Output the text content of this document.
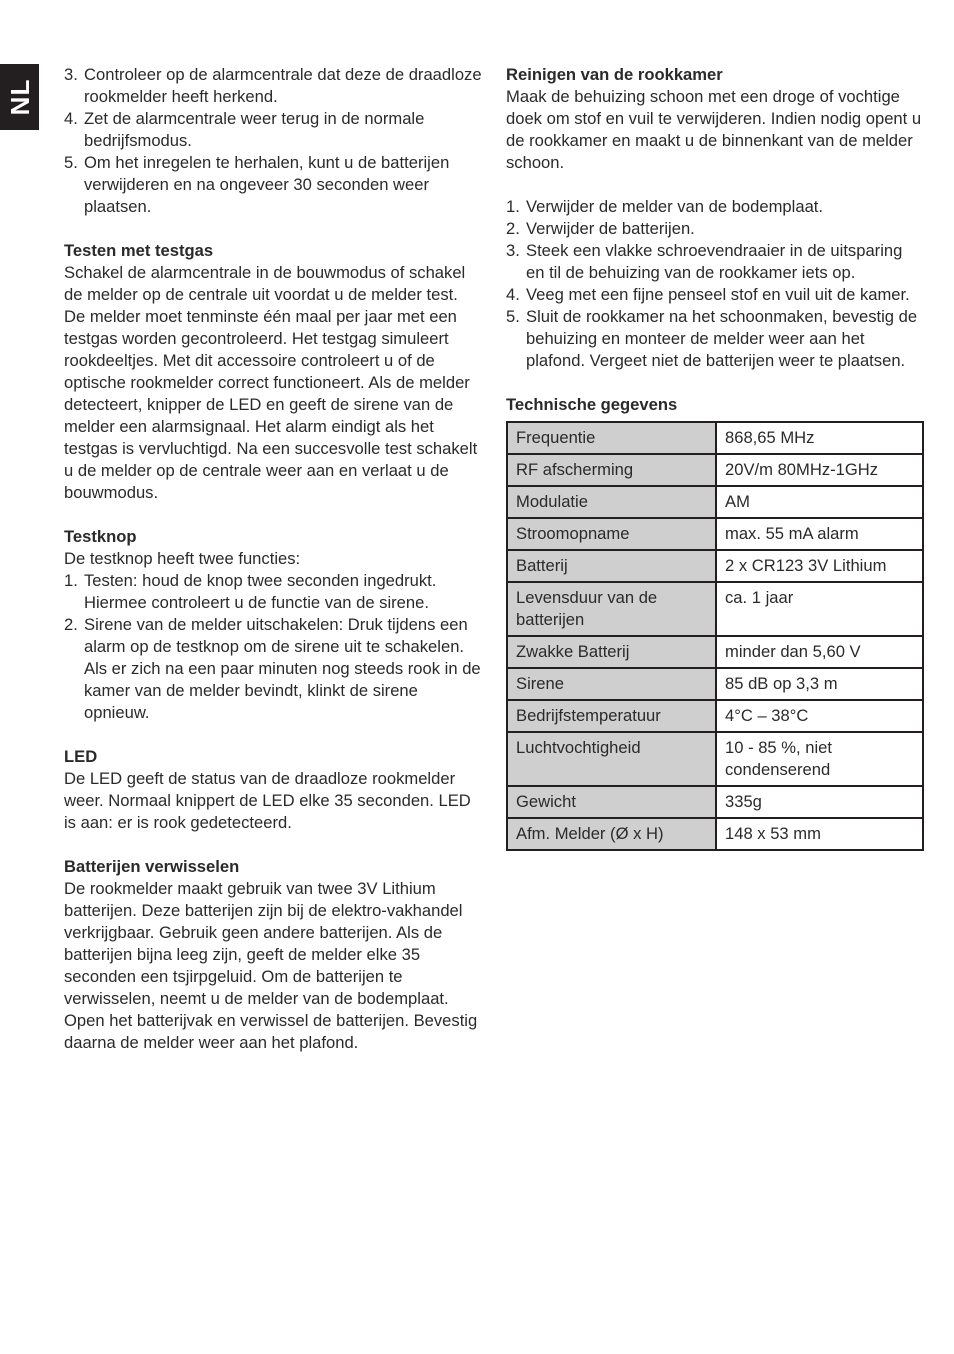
NL
3. Controleer op de alarmcentrale dat deze de draadloze rookmelder heeft herkend.
4. Zet de alarmcentrale weer terug in de normale bedrijfsmodus.
5. Om het inregelen te herhalen, kunt u de batterijen verwijderen en na ongeveer 30 seconden weer plaatsen.
Testen met testgas

Schakel de alarmcentrale in de bouwmodus of schakel de melder op de centrale uit voordat u de melder test. De melder moet tenminste één maal per jaar met een testgas worden gecontroleerd. Het testgag simuleert rookdeeltjes. Met dit accessoire controleert u of de optische rookmelder correct functioneert. Als de melder detecteert, knipper de LED en geeft de sirene van de melder een alarmsignaal. Het alarm eindigt als het testgas is vervluchtigd. Na een succesvolle test schakelt u de melder op de centrale weer aan en verlaat u de bouwmodus.

Testknop

De testknop heeft twee functies:

1. Testen: houd de knop twee seconden ingedrukt. Hiermee controleert u de functie van de sirene.
2. Sirene van de melder uitschakelen: Druk tijdens een alarm op de testknop om de sirene uit te schakelen. Als er zich na een paar minuten nog steeds rook in de kamer van de melder bevindt, klinkt de sirene opnieuw.
LED

De LED geeft de status van de draadloze rookmelder weer. Normaal knippert de LED elke 35 seconden. LED is aan: er is rook gedetecteerd.

Batterijen verwisselen

De rookmelder maakt gebruik van twee 3V Lithium batterijen. Deze batterijen zijn bij de elektro-vakhandel verkrijgbaar. Gebruik geen andere batterijen. Als de batterijen bijna leeg zijn, geeft de melder elke 35 seconden een tsjirpgeluid. Om de batterijen te verwisselen, neemt u de melder van de bodemplaat. Open het batterijvak en verwissel de batterijen. Bevestig daarna de melder weer aan het plafond.

Reinigen van de rookkamer

Maak de behuizing schoon met een droge of vochtige doek om stof en vuil te verwijderen. Indien nodig opent u de rookkamer en maakt u de binnenkant van de melder schoon.

1. Verwijder de melder van de bodemplaat.
2. Verwijder de batterijen.
3. Steek een vlakke schroevendraaier in de uitsparing en til de behuizing van de rookkamer iets op.
4. Veeg met een fijne penseel stof en vuil uit de kamer.
5. Sluit de rookkamer na het schoonmaken, bevestig de behuizing en monteer de melder weer aan het plafond. Vergeet niet de batterijen weer te plaatsen.
Technische gegevens
Frequentie	868,65 MHz
RF afscherming	20V/m 80MHz-1GHz
Modulatie	AM
Stroomopname	max. 55 mA alarm
Batterij	2 x CR123 3V Lithium
Levensduur van de batterijen	ca. 1 jaar
Zwakke Batterij	minder dan 5,60 V
Sirene	85 dB op 3,3 m
Bedrijfstemperatuur	4°C – 38°C
Luchtvochtigheid	10 - 85 %, niet condenserend
Gewicht	335g
Afm. Melder (Ø x H)	148 x 53 mm
